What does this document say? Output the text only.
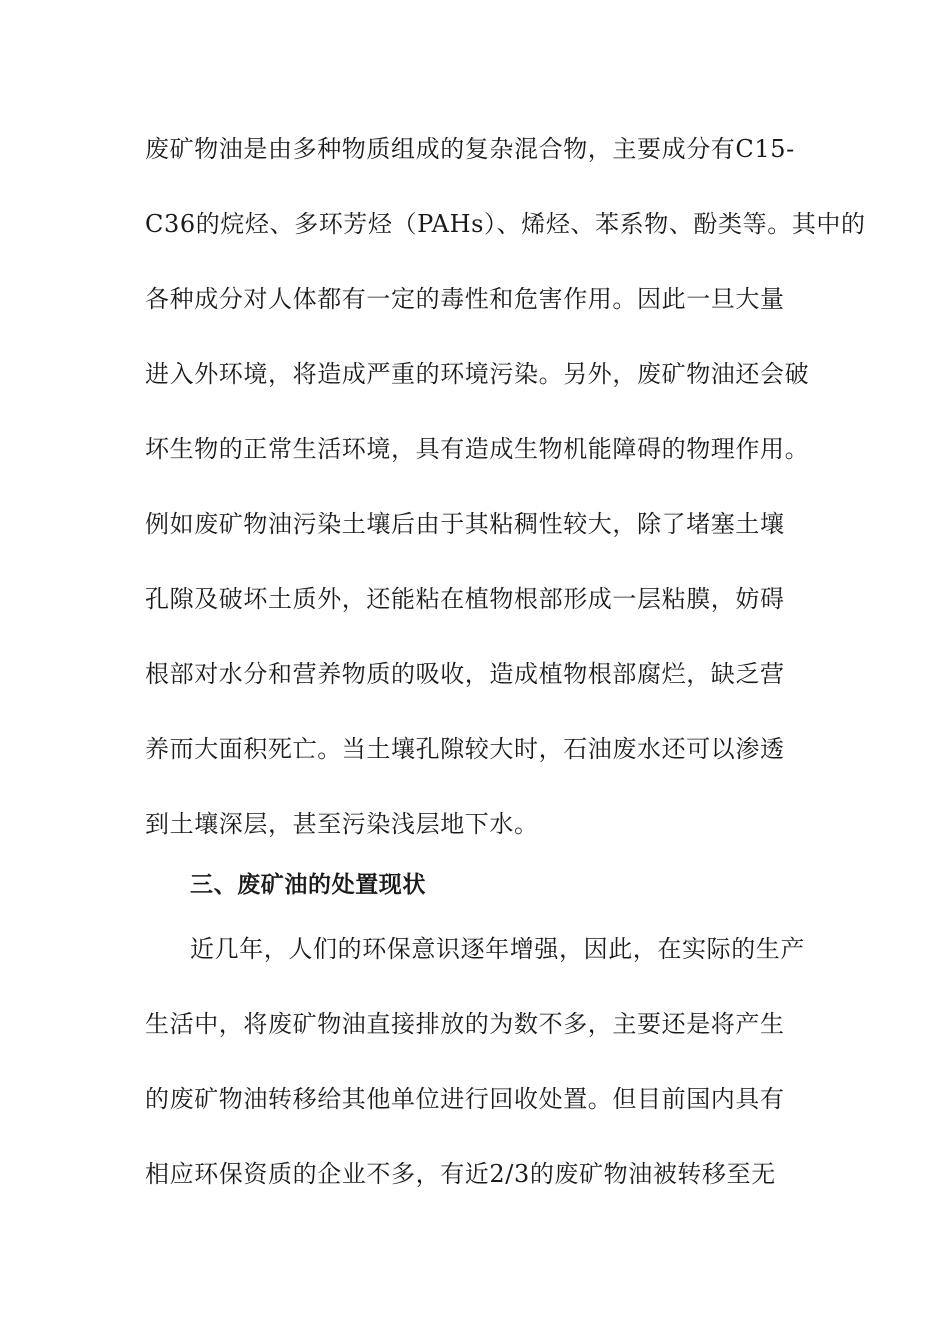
废矿物油是由多种物质组成的复杂混合物，主要成分有C15-
C36的烷烃、多环芳烃（PAHs）、烯烃、苯系物、酚类等。其中的
各种成分对人体都有一定的毒性和危害作用。因此一旦大量
进入外环境，将造成严重的环境污染。另外，废矿物油还会破
坏生物的正常生活环境，具有造成生物机能障碍的物理作用。
例如废矿物油污染土壤后由于其粘稠性较大，除了堵塞土壤
孔隙及破坏土质外，还能粘在植物根部形成一层粘膜，妨碍
根部对水分和营养物质的吸收，造成植物根部腐烂，缺乏营
养而大面积死亡。当土壤孔隙较大时，石油废水还可以渗透
到土壤深层，甚至污染浅层地下水。
三、废矿油的处置现状
近几年，人们的环保意识逐年增强，因此，在实际的生产
生活中，将废矿物油直接排放的为数不多，主要还是将产生
的废矿物油转移给其他单位进行回收处置。但目前国内具有
相应环保资质的企业不多，有近2/3的废矿物油被转移至无
